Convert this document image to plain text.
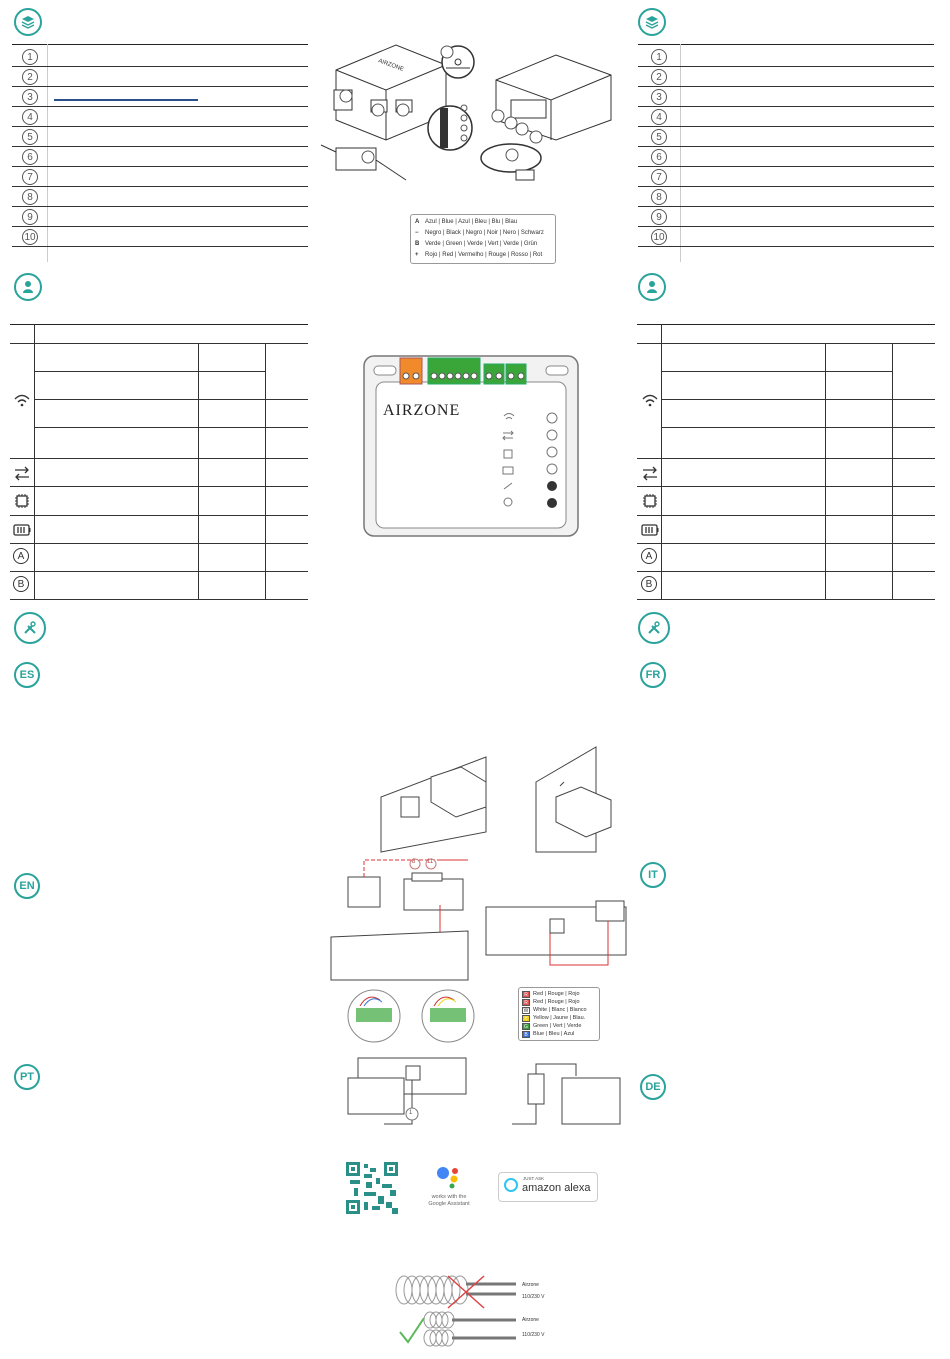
1
2
3
4
5
6
7
8
9
10
1
2
3
4
5
6
7
8
9
10
AIRZONE
A Azul | Blue | Azul | Bleu | Blu | Blau
− Negro | Black | Negro | Noir | Nero | Schwarz
B Verde | Green | Verde | Vert | Verde | Grün
+ Rojo | Red | Vermelho | Rouge | Rosso | Rot
A
B
A
B
AIRZONE
ES	FR
EN
IT
PT
DE
8 11
R Red | Rouge | Rojo
R Red | Rouge | Rojo
W White | Blanc | Blanco
Y Yellow | Jaune | Blau.
G Green | Vert | Verde
B Blue | Bleu | Azul
1
works with the
Google Assistant
JUST ASK
amazon alexa
Airzone
110/230 V
Airzone
110/230 V
